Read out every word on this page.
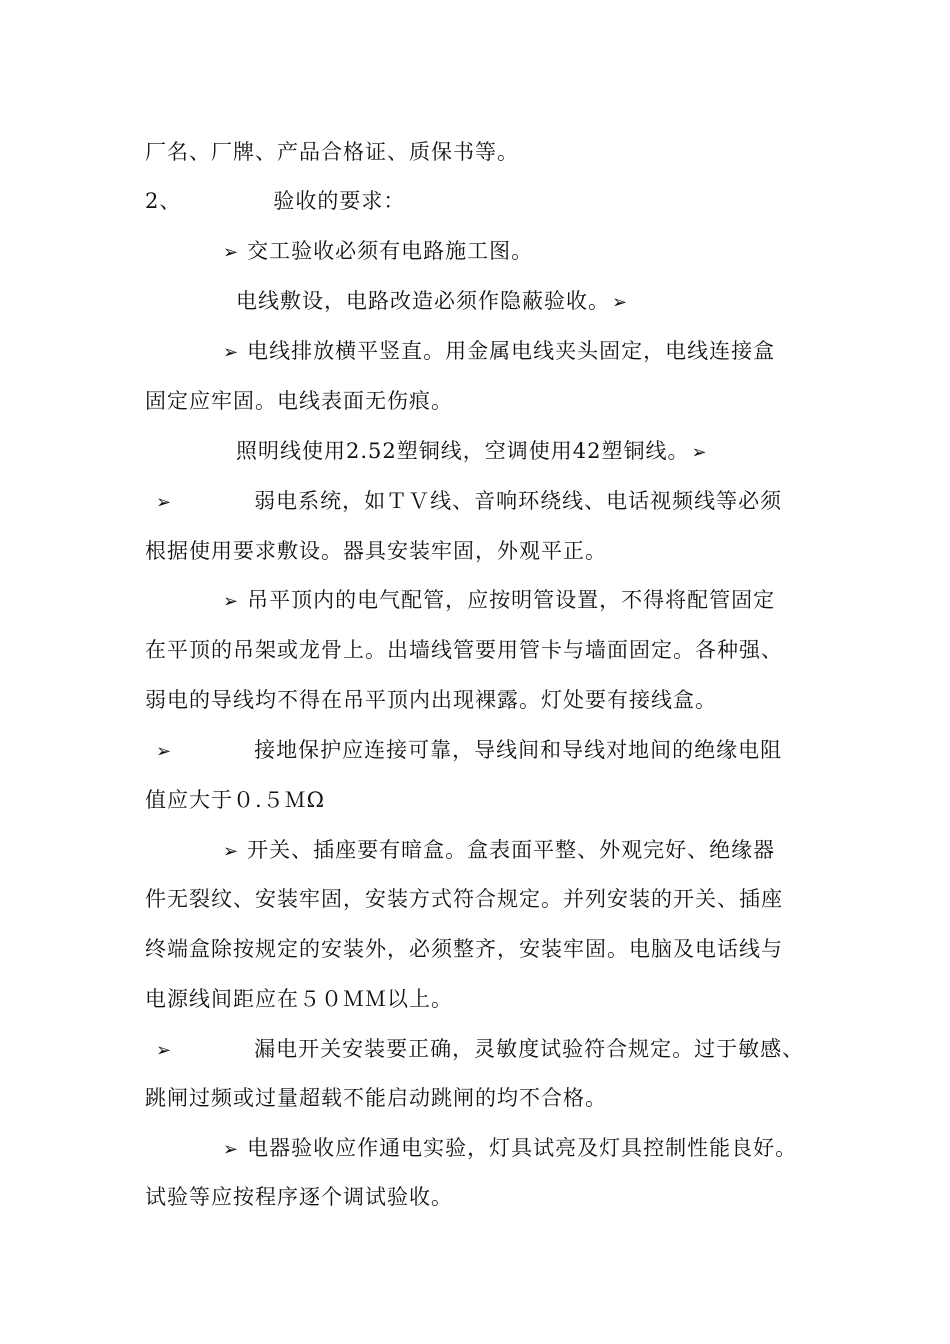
厂名、厂牌、产品合格证、质保书等。
2、	验收的要求：
➢ 交工验收必须有电路施工图。
电线敷设，电路改造必须作隐蔽验收。 ➢
➢ 电线排放横平竖直。用金属电线夹头固定，电线连接盒
固定应牢固。电线表面无伤痕。
照明线使用2.52塑铜线，空调使用42塑铜线。 ➢
➢	弱电系统，如ＴＶ线、音响环绕线、电话视频线等必须
根据使用要求敷设。器具安装牢固，外观平正。
➢ 吊平顶内的电气配管，应按明管设置，不得将配管固定
在平顶的吊架或龙骨上。出墙线管要用管卡与墙面固定。各种强、
弱电的导线均不得在吊平顶内出现裸露。灯处要有接线盒。
➢	接地保护应连接可靠，导线间和导线对地间的绝缘电阻
值应大于０.５ＭΩ
➢ 开关、插座要有暗盒。盒表面平整、外观完好、绝缘器
件无裂纹、安装牢固，安装方式符合规定。并列安装的开关、插座
终端盒除按规定的安装外，必须整齐，安装牢固。电脑及电话线与
电源线间距应在５０ＭＭ以上。
➢	漏电开关安装要正确，灵敏度试验符合规定。过于敏感、
跳闸过频或过量超载不能启动跳闸的均不合格。
➢ 电器验收应作通电实验，灯具试亮及灯具控制性能良好。
试验等应按程序逐个调试验收。
